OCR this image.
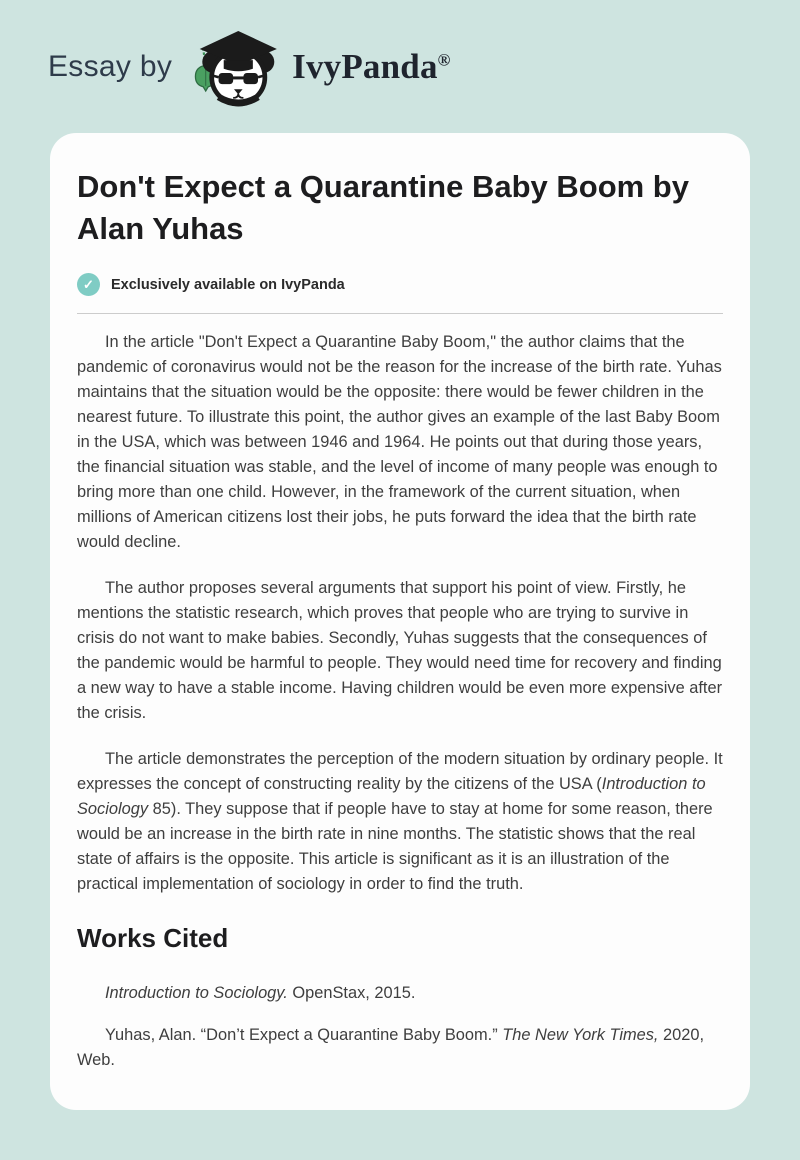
Essay by	IvyPanda®
Don't Expect a Quarantine Baby Boom by Alan Yuhas
✓	Exclusively available on IvyPanda

In the article "Don't Expect a Quarantine Baby Boom," the author claims that the pandemic of coronavirus would not be the reason for the increase of the birth rate. Yuhas maintains that the situation would be the opposite: there would be fewer children in the nearest future. To illustrate this point, the author gives an example of the last Baby Boom in the USA, which was between 1946 and 1964. He points out that during those years, the financial situation was stable, and the level of income of many people was enough to bring more than one child. However, in the framework of the current situation, when millions of American citizens lost their jobs, he puts forward the idea that the birth rate would decline.

The author proposes several arguments that support his point of view. Firstly, he mentions the statistic research, which proves that people who are trying to survive in crisis do not want to make babies. Secondly, Yuhas suggests that the consequences of the pandemic would be harmful to people. They would need time for recovery and finding a new way to have a stable income. Having children would be even more expensive after the crisis.

The article demonstrates the perception of the modern situation by ordinary people. It expresses the concept of constructing reality by the citizens of the USA (Introduction to Sociology 85). They suppose that if people have to stay at home for some reason, there would be an increase in the birth rate in nine months. The statistic shows that the real state of affairs is the opposite. This article is significant as it is an illustration of the practical implementation of sociology in order to find the truth.

Works Cited

Introduction to Sociology. OpenStax, 2015.

Yuhas, Alan. “Don’t Expect a Quarantine Baby Boom.” The New York Times, 2020, Web.
